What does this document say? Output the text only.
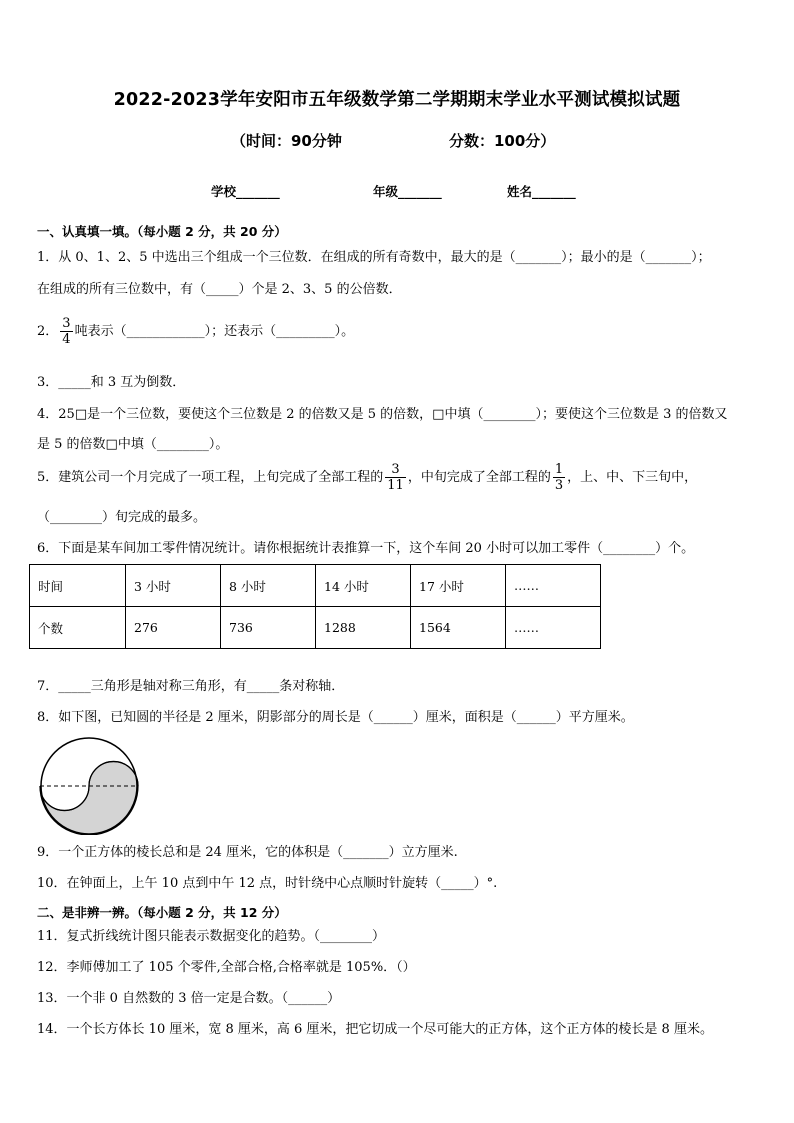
2022-2023学年安阳市五年级数学第二学期期末学业水平测试模拟试题
（时间：90分钟	分数：100分）
学校_______	年级_______	姓名_______
一、认真填一填。（每小题 2 分，共 20 分）
1．从 0、1、2、5 中选出三个组成一个三位数．在组成的所有奇数中，最大的是（_______）；最小的是（_______）；
在组成的所有三位数中，有（_____）个是 2、3、5 的公倍数．
2． $\frac{3}{4}$ 吨表示（____________）；还表示（_________）。
3．_____和 3 互为倒数．
4．25□是一个三位数，要使这个三位数是 2 的倍数又是 5 的倍数，□中填（________）；要使这个三位数是 3 的倍数又
是 5 的倍数□中填（________）。
5．建筑公司一个月完成了一项工程，上旬完成了全部工程的 $\frac{3}{11}$ ，中旬完成了全部工程的 $\frac{1}{3}$ ，上、中、下三旬中，
（________）旬完成的最多。
6．下面是某车间加工零件情况统计。请你根据统计表推算一下，这个车间 20 小时可以加工零件（________）个。
时间	3 小时	8 小时	14 小时	17 小时	……
个数	276	736	1288	1564	……
7．_____三角形是轴对称三角形，有_____条对称轴．
8．如下图，已知圆的半径是 2 厘米，阴影部分的周长是（______）厘米，面积是（______）平方厘米。
9．一个正方体的棱长总和是 24 厘米，它的体积是（_______）立方厘米.
10．在钟面上，上午 10 点到中午 12 点，时针绕中心点顺时针旋转（_____）°.
二、是非辨一辨。（每小题 2 分，共 12 分）
11．复式折线统计图只能表示数据变化的趋势。（________）
12．李师傅加工了 105 个零件,全部合格,合格率就是 105%．（）
13．一个非 0 自然数的 3 倍一定是合数。（______）
14．一个长方体长 10 厘米，宽 8 厘米，高 6 厘米，把它切成一个尽可能大的正方体，这个正方体的棱长是 8 厘米。
